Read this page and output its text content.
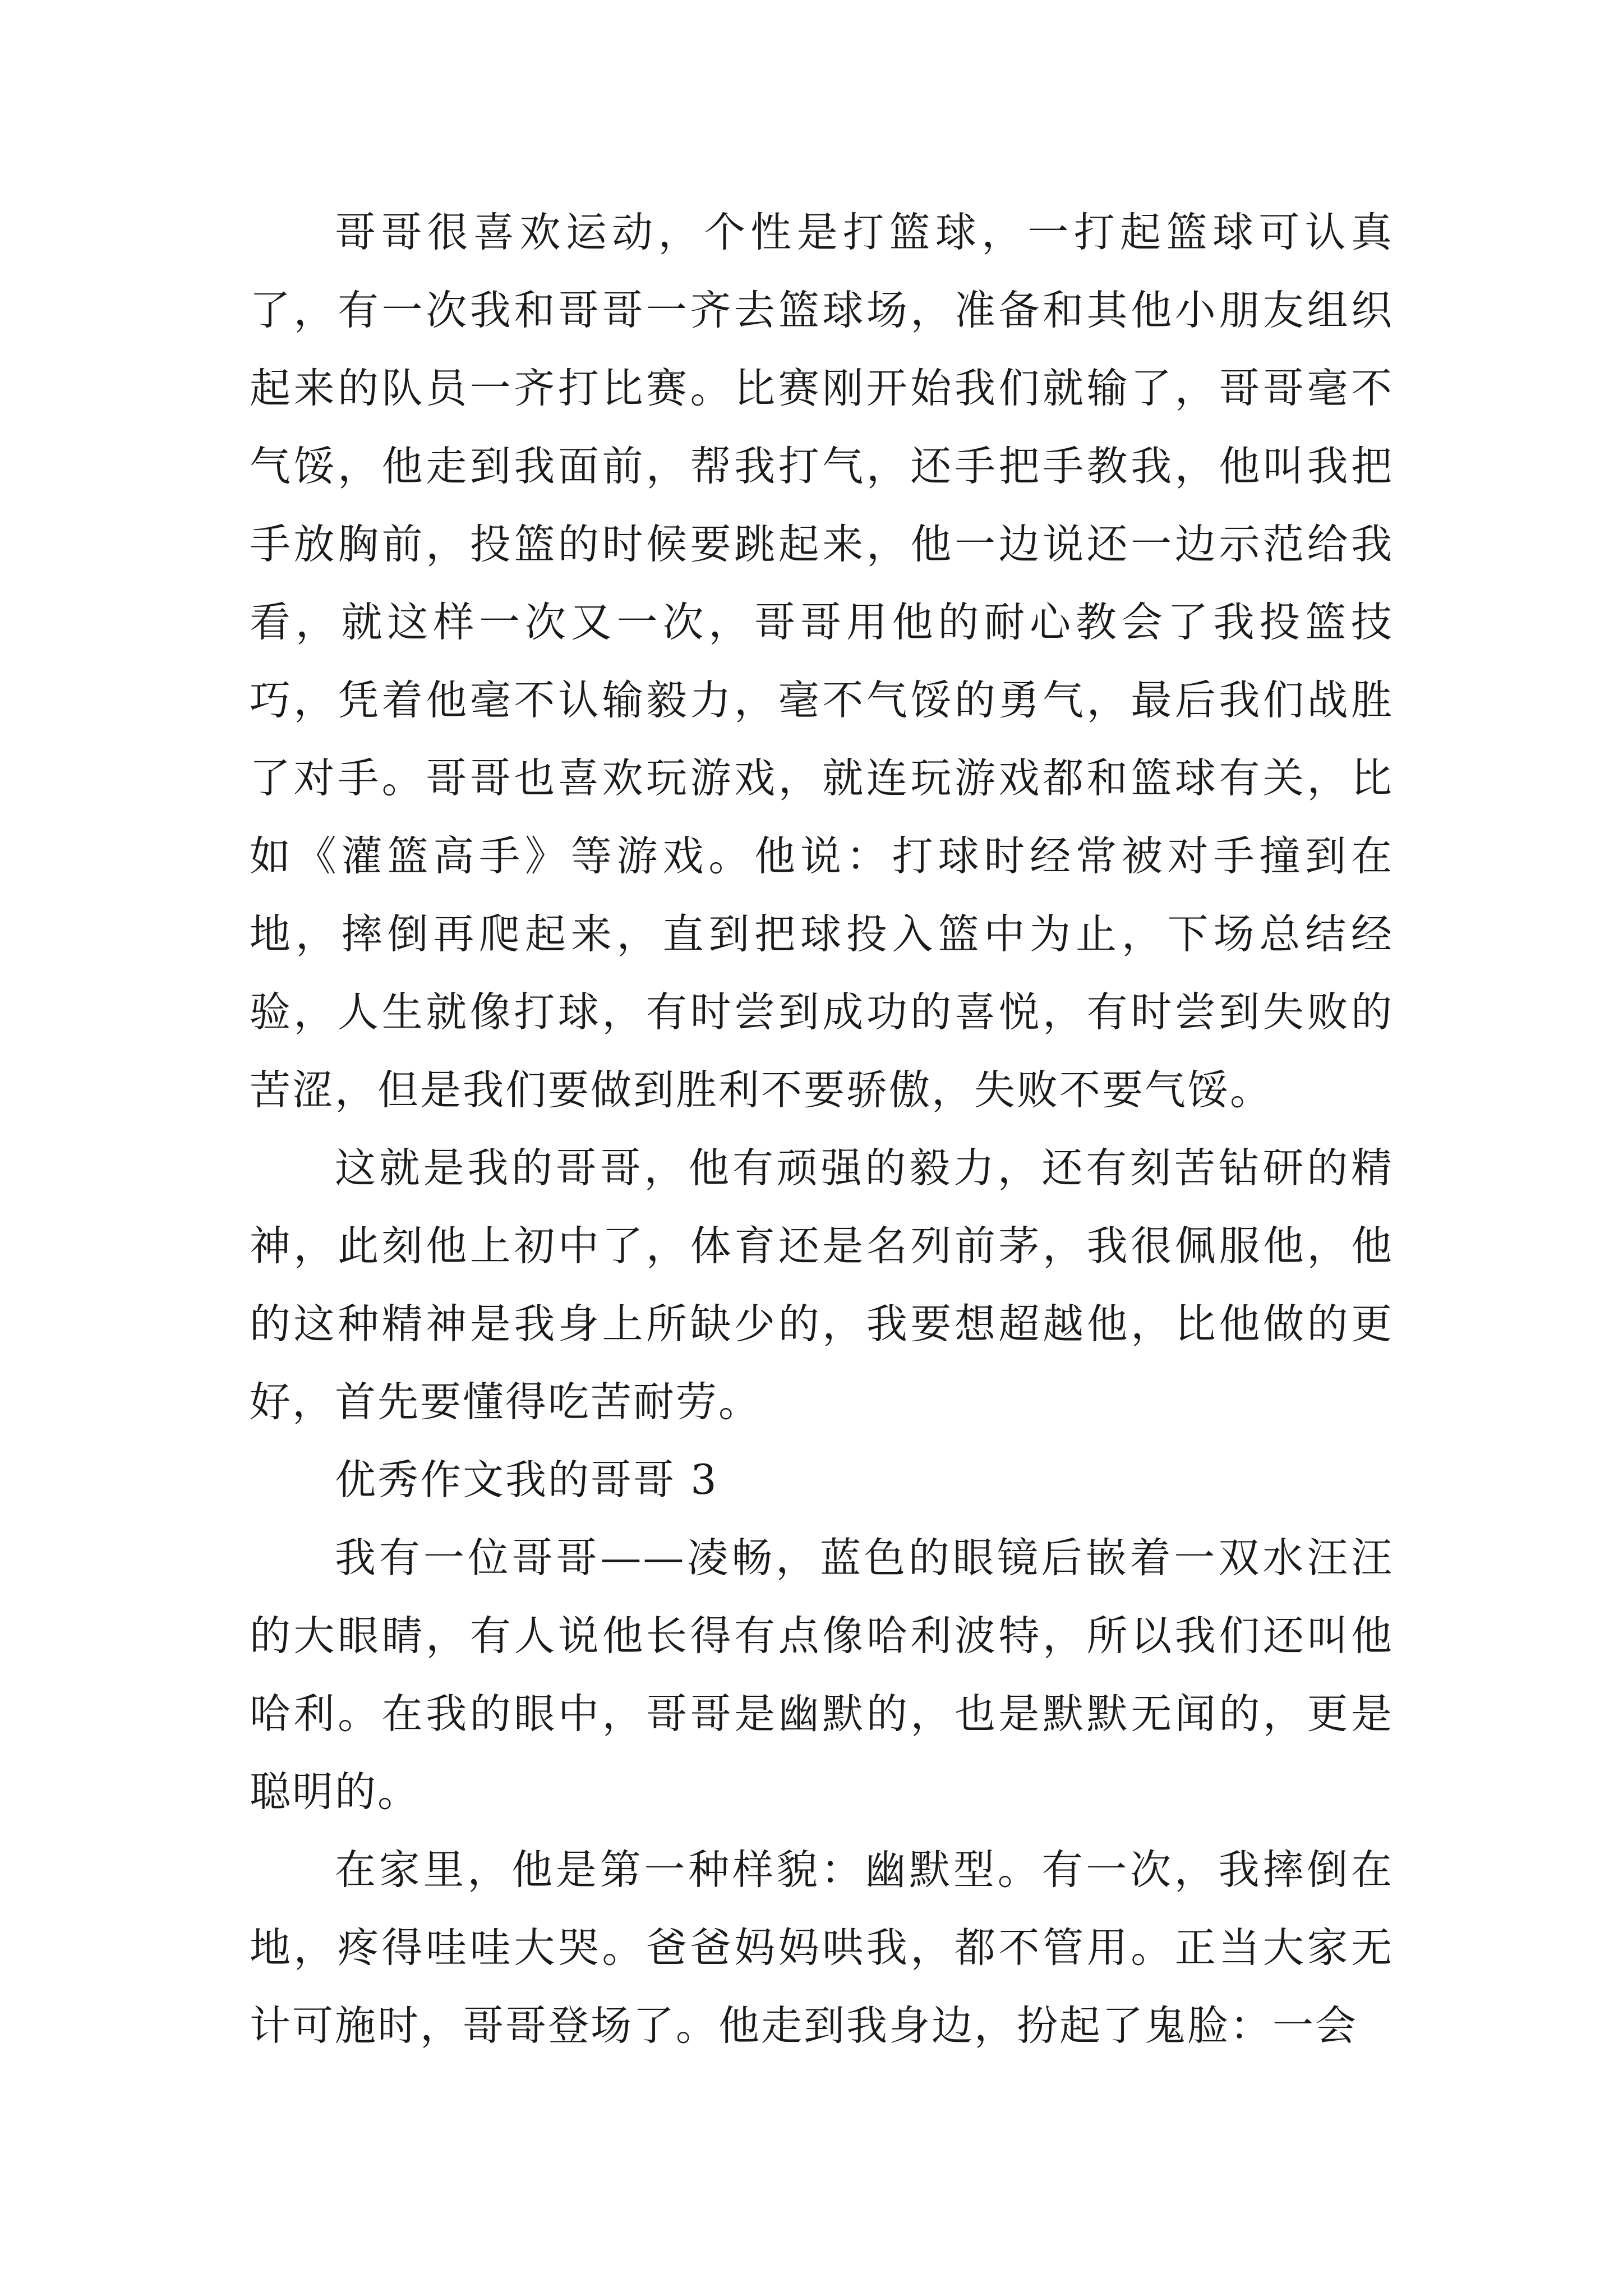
哥哥很喜欢运动，个性是打篮球，一打起篮球可认真了，有一次我和哥哥一齐去篮球场，准备和其他小朋友组织起来的队员一齐打比赛。比赛刚开始我们就输了，哥哥毫不气馁，他走到我面前，帮我打气，还手把手教我，他叫我把手放胸前，投篮的时候要跳起来，他一边说还一边示范给我看，就这样一次又一次，哥哥用他的耐心教会了我投篮技巧，凭着他毫不认输毅力，毫不气馁的勇气，最后我们战胜了对手。哥哥也喜欢玩游戏，就连玩游戏都和篮球有关，比如《灌篮高手》等游戏。他说：打球时经常被对手撞到在地，摔倒再爬起来，直到把球投入篮中为止，下场总结经验，人生就像打球，有时尝到成功的喜悦，有时尝到失败的苦涩，但是我们要做到胜利不要骄傲，失败不要气馁。

这就是我的哥哥，他有顽强的毅力，还有刻苦钻研的精神，此刻他上初中了，体育还是名列前茅，我很佩服他，他的这种精神是我身上所缺少的，我要想超越他，比他做的更好，首先要懂得吃苦耐劳。

优秀作文我的哥哥 3

我有一位哥哥——凌畅，蓝色的眼镜后嵌着一双水汪汪的大眼睛，有人说他长得有点像哈利波特，所以我们还叫他哈利。在我的眼中，哥哥是幽默的，也是默默无闻的，更是聪明的。

在家里，他是第一种样貌：幽默型。有一次，我摔倒在地，疼得哇哇大哭。爸爸妈妈哄我，都不管用。正当大家无计可施时，哥哥登场了。他走到我身边，扮起了鬼脸：一会
